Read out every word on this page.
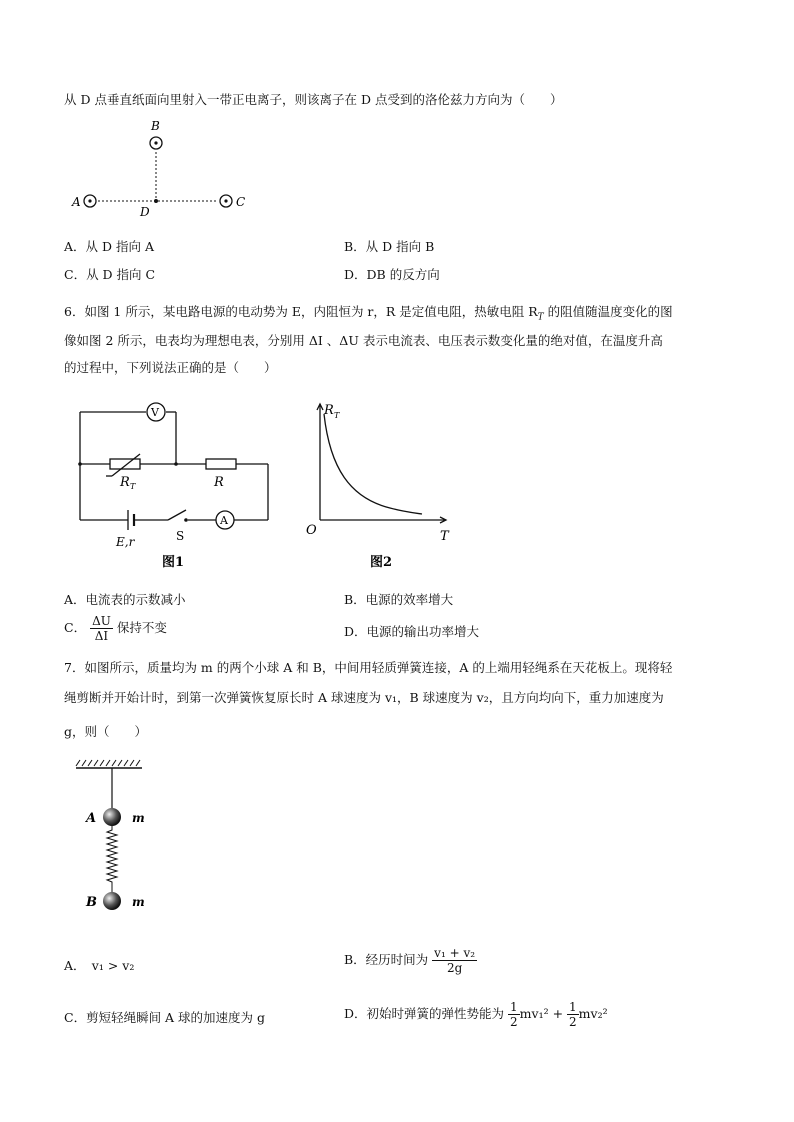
从 D 点垂直纸面向里射入一带正电离子，则该离子在 D 点受到的洛伦兹力方向为（　　）
B
A	C
D
A．从 D 指向 A	B．从 D 指向 B
C．从 D 指向 C	D．DB 的反方向
6．如图 1 所示，某电路电源的电动势为 E，内阻恒为 r，R 是定值电阻，热敏电阻 $R_T$ 的阻值随温度变化的图
像如图 2 所示，电表均为理想电表，分别用 ΔI 、ΔU 表示电流表、电压表示数变化量的绝对值，在温度升高
的过程中，下列说法正确的是（　　）
V
A
R T	R
S
E,r
图1
R T
O	T
图2
A．电流表的示数减小	B．电源的效率增大
C． $\frac{\Delta U}{\Delta I}$ 保持不变	D．电源的输出功率增大
7．如图所示，质量均为 m 的两个小球 A 和 B，中间用轻质弹簧连接，A 的上端用轻绳系在天花板上。现将轻
绳剪断并开始计时，到第一次弹簧恢复原长时 A 球速度为 v₁，B 球速度为 v₂，且方向均向下，重力加速度为
g，则（　　）
A	m
B	m
A．　v₁ > v₂	B．经历时间为 $\frac{\text{v₁ + v₂}}{2g}$
C．剪短轻绳瞬间 A 球的加速度为 g	D．初始时弹簧的弹性势能为 $\frac{1}{2} mv_1^2 + \frac{1}{2} mv_2^2$
